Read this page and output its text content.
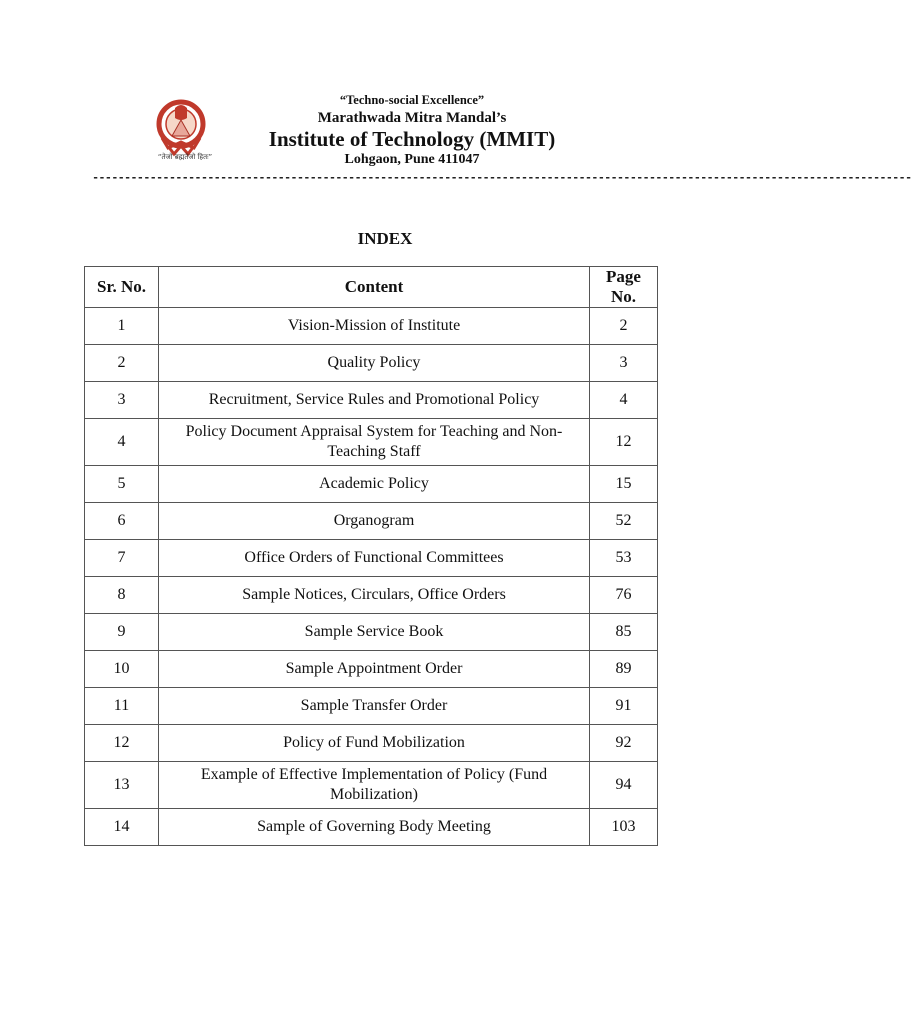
“तेजो ब्रह्मतेजो हितः”
“Techno-social Excellence”
Marathwada Mitra Mandal’s
Institute of Technology (MMIT)
Lohgaon, Pune 411047
--------------------------------------------------------------------------------------------------------------------------------
INDEX
Sr. No.	Content	Page No.
1	Vision-Mission of Institute	2
2	Quality Policy	3
3	Recruitment, Service Rules and Promotional Policy	4
4	Policy Document Appraisal System for Teaching and Non-Teaching Staff	12
5	Academic Policy	15
6	Organogram	52
7	Office Orders of Functional Committees	53
8	Sample Notices, Circulars, Office Orders	76
9	Sample Service Book	85
10	Sample Appointment Order	89
11	Sample Transfer Order	91
12	Policy of Fund Mobilization	92
13	Example of Effective Implementation of Policy (Fund Mobilization)	94
14	Sample of Governing Body Meeting	103
